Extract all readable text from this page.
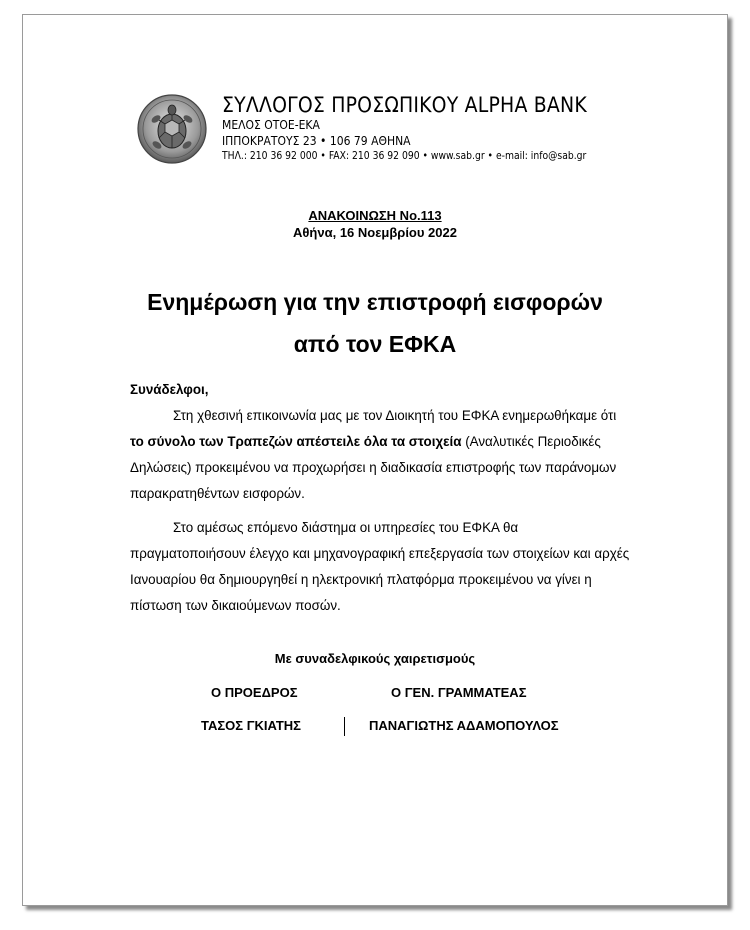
ΣΥΛΛΟΓΟΣ ΠΡΟΣΩΠΙΚΟΥ ALPHA BANK
ΜΕΛΟΣ ΟΤΟΕ-ΕΚΑ
ΙΠΠΟΚΡΑΤΟΥΣ 23 • 106 79 ΑΘΗΝΑ
ΤΗΛ.: 210 36 92 000 • FAX: 210 36 92 090 • www.sab.gr • e-mail: info@sab.gr
ΑΝΑΚΟΙΝΩΣΗ Νο.113
Αθήνα, 16 Νοεμβρίου 2022
Ενημέρωση για την επιστροφή εισφορών
από τον ΕΦΚΑ
Συνάδελφοι,

Στη χθεσινή επικοινωνία μας με τον Διοικητή του ΕΦΚΑ ενημερωθήκαμε ότι το σύνολο των Τραπεζών απέστειλε όλα τα στοιχεία (Αναλυτικές Περιοδικές Δηλώσεις) προκειμένου να προχωρήσει η διαδικασία επιστροφής των παράνομων παρακρατηθέντων εισφορών.

Στο αμέσως επόμενο διάστημα οι υπηρεσίες του ΕΦΚΑ θα πραγματοποιήσουν έλεγχο και μηχανογραφική επεξεργασία των στοιχείων και αρχές Ιανουαρίου θα δημιουργηθεί η ηλεκτρονική πλατφόρμα προκειμένου να γίνει η πίστωση των δικαιούμενων ποσών.

Με συναδελφικούς χαιρετισμούς
Ο ΠΡΟΕΔΡΟΣ	Ο ΓΕΝ. ΓΡΑΜΜΑΤΕΑΣ
ΤΑΣΟΣ ΓΚΙΑΤΗΣ	ΠΑΝΑΓΙΩΤΗΣ ΑΔΑΜΟΠΟΥΛΟΣ
